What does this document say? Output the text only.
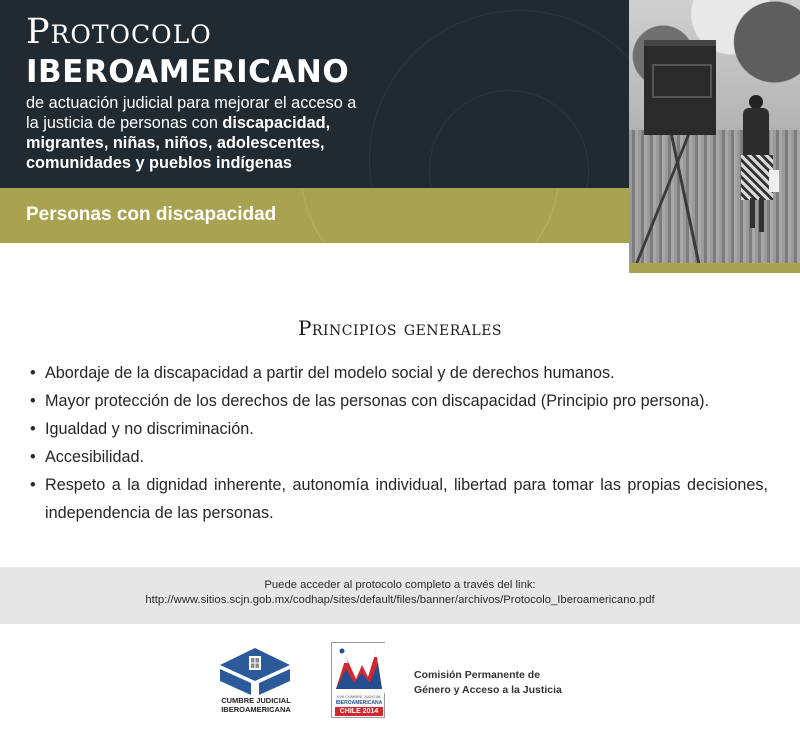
Protocolo
IBEROAMERICANO
de actuación judicial para mejorar el acceso a la justicia de personas con discapacidad, migrantes, niñas, niños, adolescentes, comunidades y pueblos indígenas
Personas con discapacidad
Principios generales
• Abordaje de la discapacidad a partir del modelo social y de derechos humanos.
• Mayor protección de los derechos de las personas con discapacidad (Principio pro persona).
• Igualdad y no discriminación.
• Accesibilidad.
• Respeto a la dignidad inherente, autonomía individual, libertad para tomar las propias decisiones, independencia de las personas.
Puede acceder al protocolo completo a través del link:
http://www.sitios.scjn.gob.mx/codhap/sites/default/files/banner/archivos/Protocolo_Iberoamericano.pdf
CUMBRE JUDICIAL
IBEROAMERICANA
XVII CUMBRE JUDICIAL
IBEROAMERICANA
CHILE 2014
Comisión Permanente de
Género y Acceso a la Justicia
